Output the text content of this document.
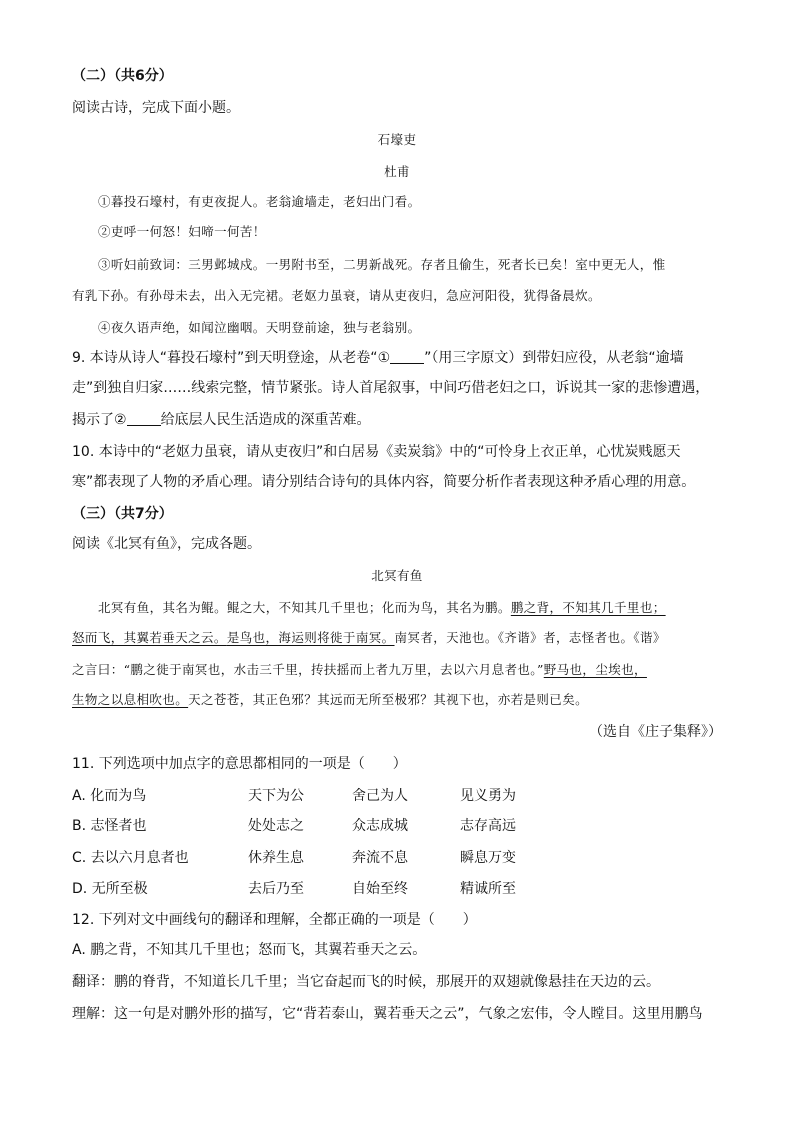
（二）（共6分）
阅读古诗，完成下面小题。
石壕吏
杜甫
①暮投石壕村，有吏夜捉人。老翁逾墙走，老妇出门看。
②吏呼一何怒！妇啼一何苦！
③听妇前致词：三男邺城戍。一男附书至，二男新战死。存者且偷生，死者长已矣！室中更无人，惟
有乳下孙。有孙母未去，出入无完裙。老妪力虽衰，请从吏夜归，急应河阳役，犹得备晨炊。
④夜久语声绝，如闻泣幽咽。天明登前途，独与老翁别。
9. 本诗从诗人“暮投石壕村”到天明登途，从老卷“① ”（用三字原文）到带妇应役，从老翁“逾墙
走”到独自归家……线索完整，情节紧张。诗人首尾叙事，中间巧借老妇之口，诉说其一家的悲惨遭遇，
揭示了② 给底层人民生活造成的深重苦难。
10. 本诗中的“老妪力虽衰，请从吏夜归”和白居易《卖炭翁》中的“可怜身上衣正单，心忧炭贱愿天
寒”都表现了人物的矛盾心理。请分别结合诗句的具体内容，简要分析作者表现这种矛盾心理的用意。
（三）（共7分）
阅读《北冥有鱼》，完成各题。
北冥有鱼
北冥有鱼，其名为鲲。鲲之大，不知其几千里也；化而为鸟，其名为鹏。鹏之背，不知其几千里也；
怒而飞，其翼若垂天之云。是鸟也，海运则将徙于南冥。南冥者，天池也。《齐谐》者，志怪者也。《谐》
之言曰：“鹏之徙于南冥也，水击三千里，抟扶摇而上者九万里，去以六月息者也。”野马也，尘埃也，
生物之以息相吹也。天之苍苍，其正色邪？其远而无所至极邪？其视下也，亦若是则已矣。
（选自《庄子集释》）
11. 下列选项中加点字的意思都相同的一项是（　　）
A. 化而为鸟	天下为公	舍己为人	见义勇为
B. 志怪者也	处处志之	众志成城	志存高远
C. 去以六月息者也	休养生息	奔流不息	瞬息万变
D. 无所至极	去后乃至	自始至终	精诚所至
12. 下列对文中画线句的翻译和理解，全都正确的一项是（　　）
A. 鹏之背，不知其几千里也；怒而飞，其翼若垂天之云。
翻译：鹏的脊背，不知道长几千里；当它奋起而飞的时候，那展开的双翅就像悬挂在天边的云。
理解：这一句是对鹏外形的描写，它“背若泰山，翼若垂天之云”，气象之宏伟，令人瞠目。这里用鹏鸟
